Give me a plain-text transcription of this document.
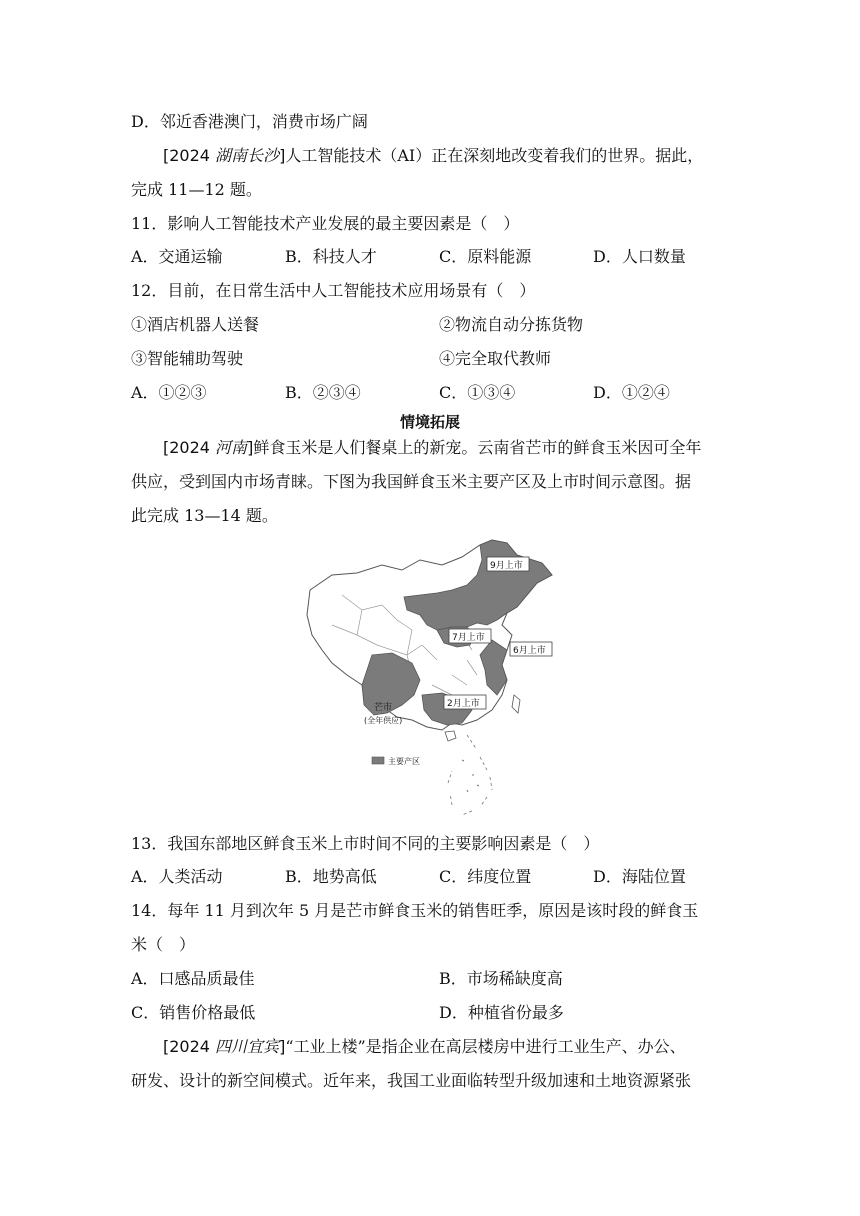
D．邻近香港澳门，消费市场广阔
[2024 湖南长沙]人工智能技术（AI）正在深刻地改变着我们的世界。据此，
完成 11—12 题。
11．影响人工智能技术产业发展的最主要因素是（　）
A．交通运输	B．科技人才	C．原料能源	D．人口数量
12．目前，在日常生活中人工智能技术应用场景有（　）
①酒店机器人送餐	②物流自动分拣货物
③智能辅助驾驶	④完全取代教师
A．①②③	B．②③④	C．①③④	D．①②④
情境拓展
[2024 河南]鲜食玉米是人们餐桌上的新宠。云南省芒市的鲜食玉米因可全年
供应，受到国内市场青睐。下图为我国鲜食玉米主要产区及上市时间示意图。据
此完成 13—14 题。
9月上市
7月上市
6月上市
2月上市
芒市
(全年供应)
主要产区
13．我国东部地区鲜食玉米上市时间不同的主要影响因素是（　）
A．人类活动	B．地势高低	C．纬度位置	D．海陆位置
14．每年 11 月到次年 5 月是芒市鲜食玉米的销售旺季，原因是该时段的鲜食玉
米（　）
A．口感品质最佳	B．市场稀缺度高
C．销售价格最低	D．种植省份最多
[2024 四川宜宾]“工业上楼”是指企业在高层楼房中进行工业生产、办公、
研发、设计的新空间模式。近年来，我国工业面临转型升级加速和土地资源紧张
